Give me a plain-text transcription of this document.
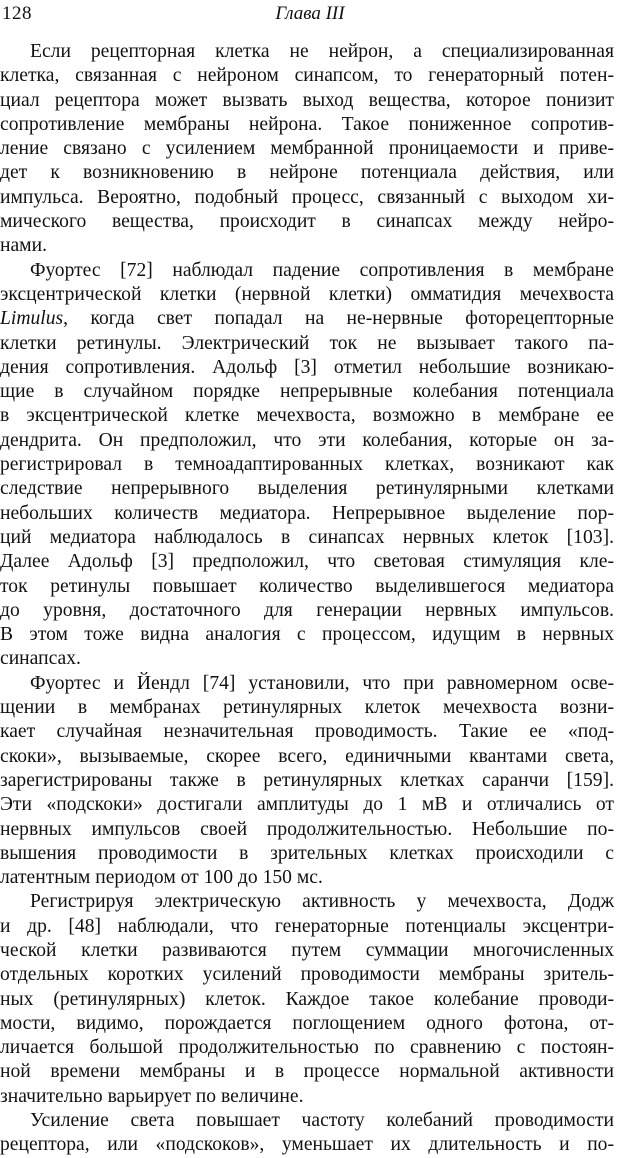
128	Глава III
Если рецепторная клетка не нейрон, а специализированная
клетка, связанная с нейроном синапсом, то генераторный потен-
циал рецептора может вызвать выход вещества, которое понизит
сопротивление мембраны нейрона. Такое пониженное сопротив-
ление связано с усилением мембранной проницаемости и приве-
дет к возникновению в нейроне потенциала действия, или
импульса. Вероятно, подобный процесс, связанный с выходом хи-
мического вещества, происходит в синапсах между нейро-
нами.
Фуортес [72] наблюдал падение сопротивления в мембране
эксцентрической клетки (нервной клетки) омматидия мечехвоста
Limulus, когда свет попадал на не-нервные фоторецепторные
клетки ретинулы. Электрический ток не вызывает такого па-
дения сопротивления. Адольф [3] отметил небольшие возникаю-
щие в случайном порядке непрерывные колебания потенциала
в эксцентрической клетке мечехвоста, возможно в мембране ее
дендрита. Он предположил, что эти колебания, которые он за-
регистрировал в темноадаптированных клетках, возникают как
следствие непрерывного выделения ретинулярными клетками
небольших количеств медиатора. Непрерывное выделение пор-
ций медиатора наблюдалось в синапсах нервных клеток [103].
Далее Адольф [3] предположил, что световая стимуляция кле-
ток ретинулы повышает количество выделившегося медиатора
до уровня, достаточного для генерации нервных импульсов.
В этом тоже видна аналогия с процессом, идущим в нервных
синапсах.
Фуортес и Йендл [74] установили, что при равномерном осве-
щении в мембранах ретинулярных клеток мечехвоста возни-
кает случайная незначительная проводимость. Такие ее «под-
скоки», вызываемые, скорее всего, единичными квантами света,
зарегистрированы также в ретинулярных клетках саранчи [159].
Эти «подскоки» достигали амплитуды до 1 мВ и отличались от
нервных импульсов своей продолжительностью. Небольшие по-
вышения проводимости в зрительных клетках происходили с
латентным периодом от 100 до 150 мс.
Регистрируя электрическую активность у мечехвоста, Додж
и др. [48] наблюдали, что генераторные потенциалы эксцентри-
ческой клетки развиваются путем суммации многочисленных
отдельных коротких усилений проводимости мембраны зритель-
ных (ретинулярных) клеток. Каждое такое колебание проводи-
мости, видимо, порождается поглощением одного фотона, от-
личается большой продолжительностью по сравнению с постоян-
ной времени мембраны и в процессе нормальной активности
значительно варьирует по величине.
Усиление света повышает частоту колебаний проводимости
рецептора, или «подскоков», уменьшает их длительность и по-
